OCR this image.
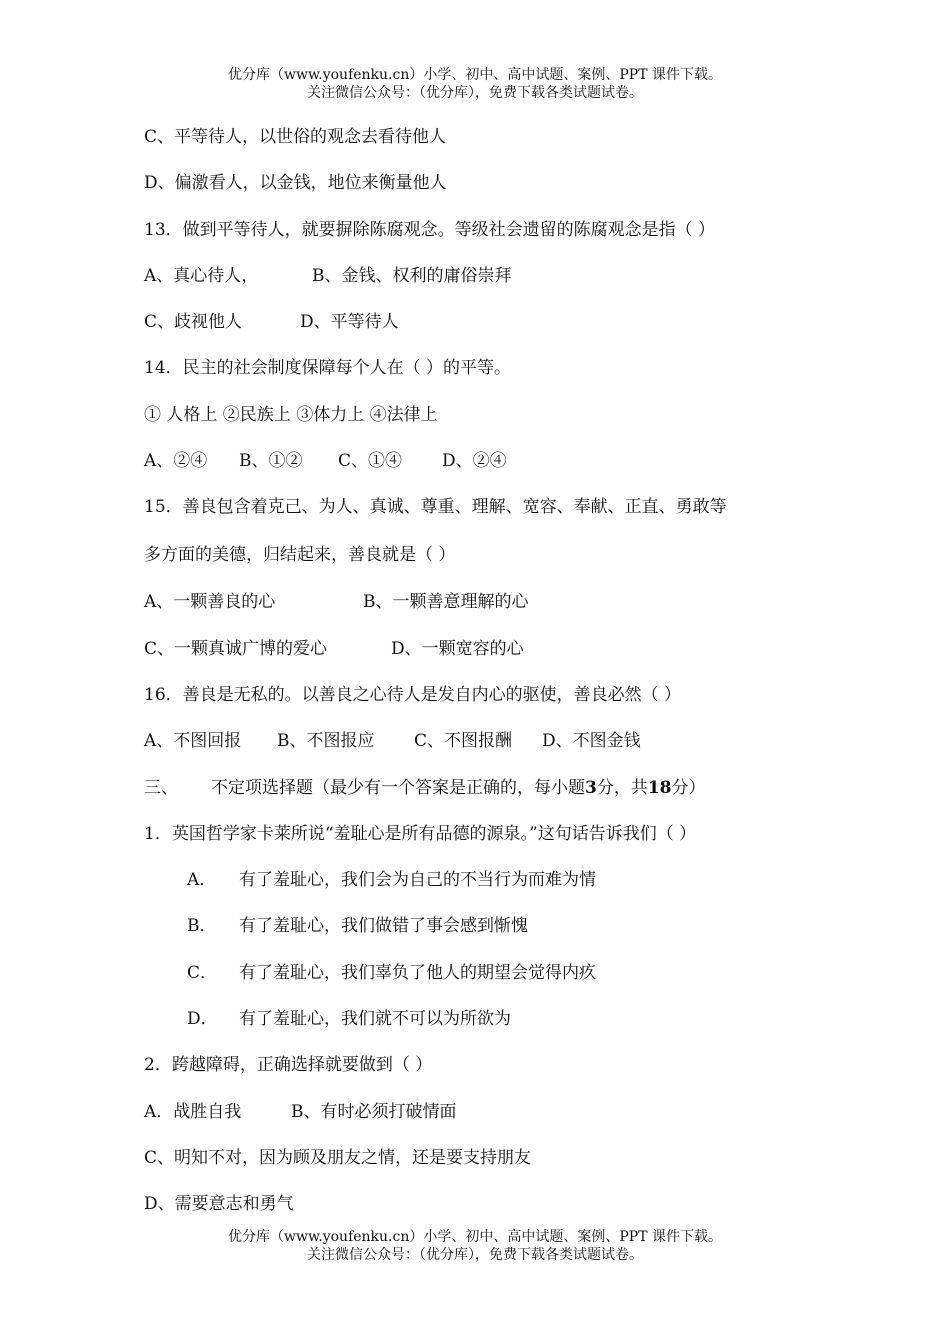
优分库（www.youfenku.cn）小学、初中、高中试题、案例、PPT 课件下载。
关注微信公众号：（优分库），免费下载各类试题试卷。
C、平等待人，以世俗的观念去看待他人
D、偏激看人，以金钱，地位来衡量他人
13．做到平等待人，就要摒除陈腐观念。等级社会遗留的陈腐观念是指（ ）
A、真心待人，	B、金钱、权利的庸俗崇拜
C、歧视他人	D、平等待人
14．民主的社会制度保障每个人在（ ）的平等。
① 人格上 ②民族上 ③体力上 ④法律上
A、②④ B、①② C、①④ D、②④
15．善良包含着克己、为人、真诚、尊重、理解、宽容、奉献、正直、勇敢等
多方面的美德，归结起来，善良就是（ ）
A、一颗善良的心	B、一颗善意理解的心
C、一颗真诚广博的爱心	D、一颗宽容的心
16．善良是无私的。以善良之心待人是发自内心的驱使，善良必然（ ）
A、不图回报 B、不图报应 C、不图报酬 D、不图金钱
三、 不定项选择题（最少有一个答案是正确的，每小题3分，共18分）
1．英国哲学家卡莱所说“羞耻心是所有品德的源泉。”这句话告诉我们（ ）
A． 有了羞耻心，我们会为自己的不当行为而难为情
B． 有了羞耻心，我们做错了事会感到惭愧
C． 有了羞耻心，我们辜负了他人的期望会觉得内疚
D． 有了羞耻心，我们就不可以为所欲为
2．跨越障碍，正确选择就要做到（ ）
A．战胜自我	B、有时必须打破情面
C、明知不对，因为顾及朋友之情，还是要支持朋友
D、需要意志和勇气
优分库（www.youfenku.cn）小学、初中、高中试题、案例、PPT 课件下载。
关注微信公众号：（优分库），免费下载各类试题试卷。
